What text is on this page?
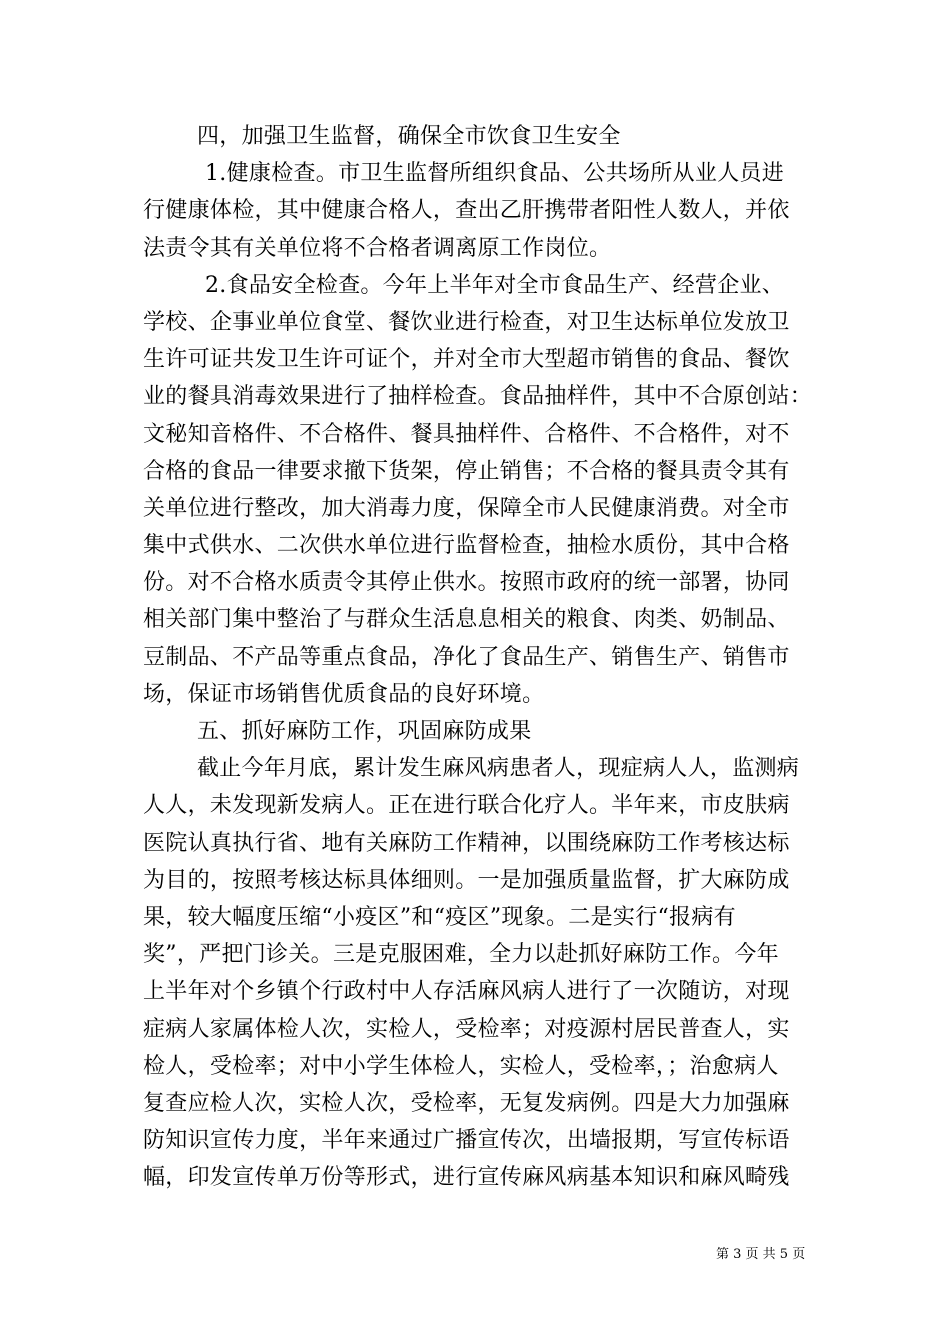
四，加强卫生监督，确保全市饮食卫生安全
1.健康检查。市卫生监督所组织食品、公共场所从业人员进
行健康体检，其中健康合格人，查出乙肝携带者阳性人数人，并依
法责令其有关单位将不合格者调离原工作岗位。
2.食品安全检查。今年上半年对全市食品生产、经营企业、
学校、企事业单位食堂、餐饮业进行检查，对卫生达标单位发放卫
生许可证共发卫生许可证个，并对全市大型超市销售的食品、餐饮
业的餐具消毒效果进行了抽样检查。食品抽样件，其中不合原创站：
文秘知音格件、不合格件、餐具抽样件、合格件、不合格件，对不
合格的食品一律要求撤下货架，停止销售；不合格的餐具责令其有
关单位进行整改，加大消毒力度，保障全市人民健康消费。对全市
集中式供水、二次供水单位进行监督检查，抽检水质份，其中合格
份。对不合格水质责令其停止供水。按照市政府的统一部署，协同
相关部门集中整治了与群众生活息息相关的粮食、肉类、奶制品、
豆制品、不产品等重点食品，净化了食品生产、销售生产、销售市
场，保证市场销售优质食品的良好环境。
五、抓好麻防工作，巩固麻防成果
截止今年月底，累计发生麻风病患者人，现症病人人，监测病
人人，未发现新发病人。正在进行联合化疗人。半年来，市皮肤病
医院认真执行省、地有关麻防工作精神，以围绕麻防工作考核达标
为目的，按照考核达标具体细则。一是加强质量监督，扩大麻防成
果，较大幅度压缩“小疫区”和“疫区”现象。二是实行“报病有
奖”，严把门诊关。三是克服困难，全力以赴抓好麻防工作。今年
上半年对个乡镇个行政村中人存活麻风病人进行了一次随访，对现
症病人家属体检人次，实检人，受检率；对疫源村居民普查人，实
检人，受检率；对中小学生体检人，实检人，受检率，；治愈病人
复查应检人次，实检人次，受检率，无复发病例。四是大力加强麻
防知识宣传力度，半年来通过广播宣传次，出墙报期，写宣传标语
幅，印发宣传单万份等形式，进行宣传麻风病基本知识和麻风畸残
第 3 页 共 5 页
